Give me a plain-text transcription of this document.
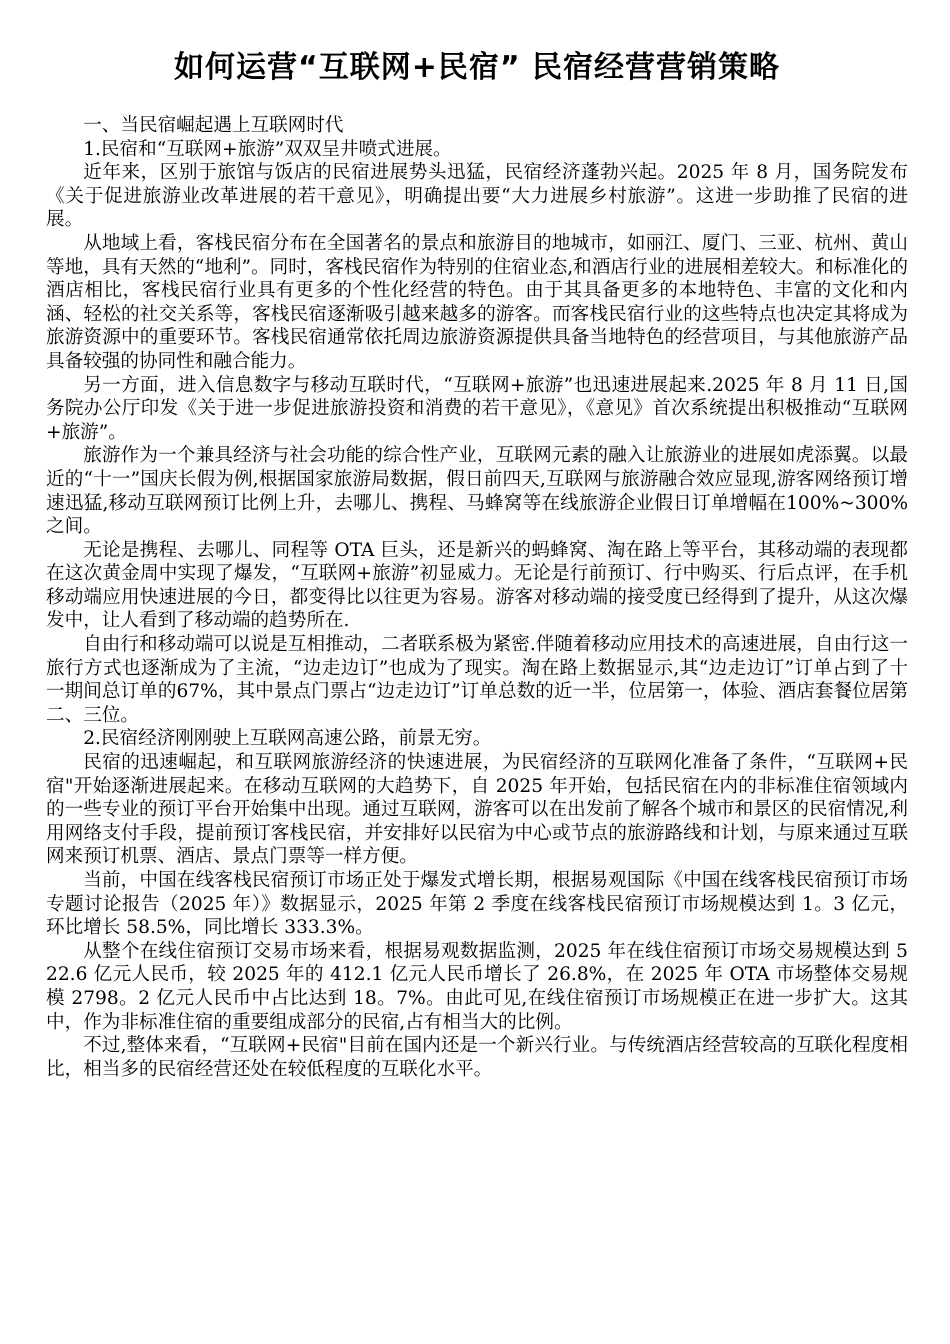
如何运营“互联网+民宿” 民宿经营营销策略

一、当民宿崛起遇上互联网时代

1.民宿和“互联网+旅游”双双呈井喷式进展。

近年来，区别于旅馆与饭店的民宿进展势头迅猛，民宿经济蓬勃兴起。2025 年 8 月，国务院发布《关于促进旅游业改革进展的若干意见》，明确提出要“大力进展乡村旅游”。这进一步助推了民宿的进展。

从地域上看，客栈民宿分布在全国著名的景点和旅游目的地城市，如丽江、厦门、三亚、杭州、黄山等地，具有天然的“地利”。同时，客栈民宿作为特别的住宿业态,和酒店行业的进展相差较大。和标准化的酒店相比，客栈民宿行业具有更多的个性化经营的特色。由于其具备更多的本地特色、丰富的文化和内涵、轻松的社交关系等，客栈民宿逐渐吸引越来越多的游客。而客栈民宿行业的这些特点也决定其将成为旅游资源中的重要环节。客栈民宿通常依托周边旅游资源提供具备当地特色的经营项目，与其他旅游产品具备较强的协同性和融合能力。

另一方面，进入信息数字与移动互联时代，“互联网+旅游”也迅速进展起来.2025 年 8 月 11 日,国务院办公厅印发《关于进一步促进旅游投资和消费的若干意见》，《意见》首次系统提出积极推动“互联网+旅游”。

旅游作为一个兼具经济与社会功能的综合性产业，互联网元素的融入让旅游业的进展如虎添翼。以最近的“十一”国庆长假为例,根据国家旅游局数据，假日前四天,互联网与旅游融合效应显现,游客网络预订增速迅猛,移动互联网预订比例上升，去哪儿、携程、马蜂窝等在线旅游企业假日订单增幅在100%~300%之间。

无论是携程、去哪儿、同程等 OTA 巨头，还是新兴的蚂蜂窝、淘在路上等平台，其移动端的表现都在这次黄金周中实现了爆发，“互联网+旅游”初显威力。无论是行前预订、行中购买、行后点评，在手机移动端应用快速进展的今日，都变得比以往更为容易。游客对移动端的接受度已经得到了提升，从这次爆发中，让人看到了移动端的趋势所在.

自由行和移动端可以说是互相推动，二者联系极为紧密.伴随着移动应用技术的高速进展，自由行这一旅行方式也逐渐成为了主流，“边走边订”也成为了现实。淘在路上数据显示,其“边走边订”订单占到了十一期间总订单的67%，其中景点门票占“边走边订”订单总数的近一半，位居第一，体验、酒店套餐位居第二、三位。

2.民宿经济刚刚驶上互联网高速公路，前景无穷。

民宿的迅速崛起，和互联网旅游经济的快速进展，为民宿经济的互联网化准备了条件，“互联网+民宿"开始逐渐进展起来。在移动互联网的大趋势下，自 2025 年开始，包括民宿在内的非标准住宿领域内的一些专业的预订平台开始集中出现。通过互联网，游客可以在出发前了解各个城市和景区的民宿情况,利用网络支付手段，提前预订客栈民宿，并安排好以民宿为中心或节点的旅游路线和计划，与原来通过互联网来预订机票、酒店、景点门票等一样方便。

当前，中国在线客栈民宿预订市场正处于爆发式增长期，根据易观国际《中国在线客栈民宿预订市场专题讨论报告（2025 年）》数据显示，2025 年第 2 季度在线客栈民宿预订市场规模达到 1。3 亿元，环比增长 58.5%，同比增长 333.3%。

从整个在线住宿预订交易市场来看，根据易观数据监测，2025 年在线住宿预订市场交易规模达到 522.6 亿元人民币，较 2025 年的 412.1 亿元人民币增长了 26.8%，在 2025 年 OTA 市场整体交易规模 2798。2 亿元人民币中占比达到 18。7%。由此可见,在线住宿预订市场规模正在进一步扩大。这其中，作为非标准住宿的重要组成部分的民宿,占有相当大的比例。

不过,整体来看，“互联网+民宿"目前在国内还是一个新兴行业。与传统酒店经营较高的互联化程度相比，相当多的民宿经营还处在较低程度的互联化水平。
